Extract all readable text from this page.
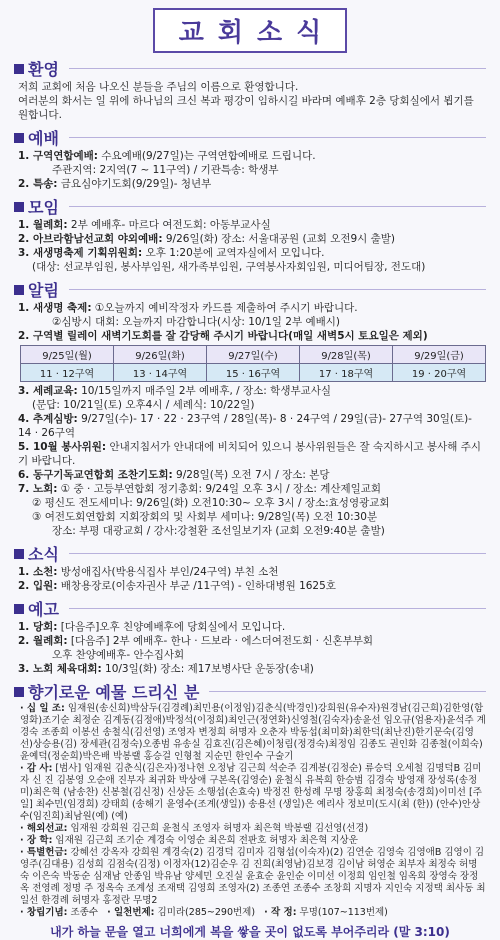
교회소식
환영
저희 교회에 처음 나오신 분들을 주님의 이름으로 환영합니다.
여러분의 화서는 일 위에 하나님의 크신 복과 평강이 임하시길 바라며 예배후 2층 당회실에서 뵙기를 원합니다.
예배
1. 구역연합예배: 수요예배(9/27일)는 구역연합예배로 드립니다.
주관지역: 2지역(7 ~ 11구역) / 기관특송: 학생부
2. 특송: 금요심야기도회(9/29일)- 청년부
모임
1. 월례회: 2부 예배후- 마르다 여전도회: 아동부교사실
2. 아브라함남선교회 야외예배: 9/26일(화) 장소: 서울대공원 (교회 오전9시 출발)
3. 새생명축제 기획위원회: 오후 1:20분에 교역자실에서 모입니다.
(대상: 선교부임원, 봉사부임원, 새가족부임원, 구역봉사자회임원, 미디어팀장, 전도대)
알림
1. 새생명 축제: ①오늘까지 예비작정자 카드를 제출하여 주시기 바랍니다.
②심방시 대회: 오늘까지 마감합니다(시상: 10/1일 2부 예배시)
2. 구역별 릴레이 새벽기도회를 잘 감당해 주시기 바랍니다(매일 새벽5시 토요일은 제외)
9/25일(월)	9/26일(화)	9/27일(수)	9/28일(목)	9/29일(금)
11 · 12구역	13 · 14구역	15 · 16구역	17 · 18구역	19 · 20구역
3. 세례교육: 10/15일까지 매주일 2부 예배후, / 장소: 학생부교사실
(문답: 10/21일(토) 오후4시 / 세례식: 10/22일)
4. 추계심방: 9/27일(수)- 17 · 22 · 23구역 / 28일(목)- 8 · 24구역 / 29일(금)- 27구역 30일(토)- 14 · 26구역
5. 10월 봉사위원: 안내지침서가 안내대에 비치되어 있으니 봉사위원들은 잘 숙지하시고 봉사해 주시기 바랍니다.
6. 동구기독교연합회 조찬기도회: 9/28일(목) 오전 7시 / 장소: 본당
7. 노회: ① 중 · 고등부연합회 정기총회: 9/24일 오후 3시 / 장소: 계산제일교회
② 평신도 전도세미나: 9/26일(화) 오전10:30~ 오후 3시 / 장소:효성영광교회
③ 여전도회연합회 지회장회의 및 사회부 세미나: 9/28일(목) 오전 10:30분
장소: 부평 대광교회 / 강사:강철환 조선일보기자 (교회 오전9:40분 출발)
소식
1. 소천: 방성애집사(박용식집사 부인/24구역) 부친 소천
2. 입원: 배창용장로(이송자권사 부군 /11구역) - 인하대병원 1625호
예고
1. 당회: [다음주]오후 친양예배후에 당회실에서 모입니다.
2. 월례회: [다음주] 2부 예배후- 한나 · 드보라 · 에스더여전도회 · 신혼부부회
오후 찬양예배후- 안수집사회
3. 노회 체육대회: 10/3일(화) 장소: 제17보병사단 운동장(송내)
향기로운 예물 드리신 분
· 십 일 조: 임재원(송신희)박삼두(김경례)최민용(이정임)김춘식(박경인)강희원(유수자)원경남(김근희)김한영(함영화)조기순 최정순 김계동(김정애)박정석(이정희)최인근(정연화)신영철(김숙자)송윤선 임오규(엄용자)윤석주 계경숙 조종희 이봉선 송철식(김선영) 조영자 변정희 허명자 오춘자 박동섭(최미화)최한덕(최난진)한기문숙(김영선)상승용(김) 장세관(김정숙)오종범 유송실 김효진(김은혜)이청림(정경숙)최정임 김종도 권인화 김종철(이희숙)윤예덕(정순희)박은배 박봉랠 홍승걸 인형철 지순민 한인수 구술기
· 감 사: [범사] 임재원 김춘식(김은자)정나현 오정남 김근희 석순주 김계봉(김정순) 류승덕 오세철 김명덕B 김미자 신 진 김봉영 오순애 진부자 최귀화 박상애 구본옥(김영순) 윤철식 유복희 한승범 김경숙 방영재 장성록(송정미)최은혁 (남송찬) 신봉철(김신정) 신상돈 소행섭(손효숙) 박정진 한성례 무명 장홍희 최정숙(송경희)이미선 [주일] 최수민(임경희) 강태희 (송해기 윤영수(조계(생일)) 송용선 (생일)은 예리사 정보미(도시(최 (한)) (안수)안상수(임진희)최남원(예) (예)
· 해외선교: 임재원 강희원 김근희 윤철식 조영자 허명자 최은혁 박봉랠 김선영(선경)
· 장 학: 임재원 김근희 조기순 계경숙 이영순 최은희 전판호 허명자 최은혁 지상운
· 특별헌금: 강혜선 강옥자 강희원 계경숙(2) 김경덕 김미자 김형섭(이숙자)(2) 김연순 김영숙 김영애B 김영이 김영주(김대용) 김성희 김점숙(김정) 이정자(12)김순우 김 진희(최영남)김보경 김이남 허영순 최부자 최정숙 허명숙 이은숙 박동순 심재남 안종임 박유남 양세민 오진실 윤효순 윤인순 이미선 이정희 임인철 임옥희 장영숙 장정옥 전영례 정명 주 정옥숙 조계성 조재택 김영희 조영자(2) 조종연 조종수 조창희 지명자 지인숙 지정택 최사동 최일선 한경례 허명자 홍정란 무명2
· 창립기념: 조종수 · 일천번제: 김미라(285~290번제) · 작 정: 무명(107~113번제)
내가 하늘 문을 열고 너희에게 복을 쌓을 곳이 없도록 부어주리라 (말 3:10)
